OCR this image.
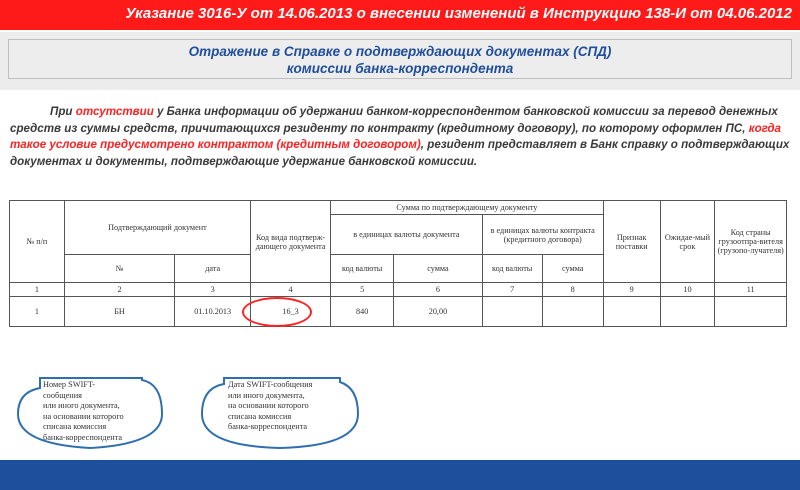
Указание 3016-У от 14.06.2013 о внесении изменений в Инструкцию 138-И от 04.06.2012
Отражение в Справке о подтверждающих документах (СПД)
комиссии банка-корреспондента
При отсутствии у Банка информации об удержании банком-корреспондентом банковской комиссии за перевод денежных средств из суммы средств, причитающихся резиденту по контракту (кредитному договору), по которому оформлен ПС, когда такое условие предусмотрено контрактом (кредитным договором), резидент представляет в Банк справку о подтверждающих документах и документы, подтверждающие удержание банковской комиссии.
№ п/п	Подтверждающий документ		Код вида подтверж-дающего документа	Сумма по подтверждающему документу				Признак поставки	Ожидае-мый срок	Код страны грузоотпра-вителя (грузопо-лучателя)
				в единицах валюты документа		в единицах валюты контракта (кредитного договора)				
	№	дата		код валюты	сумма	код валюты	сумма			
1	2	3	4	5	6	7	8	9	10	11
1	БН	01.10.2013	16_3	840	20,00					
Номер SWIFT-
сообщения
или иного документа,
на основании которого
списана комиссия
банка-корреспондента
Дата SWIFT-сообщения
или иного документа,
на основании которого
списана комиссия
банка-корреспондента
